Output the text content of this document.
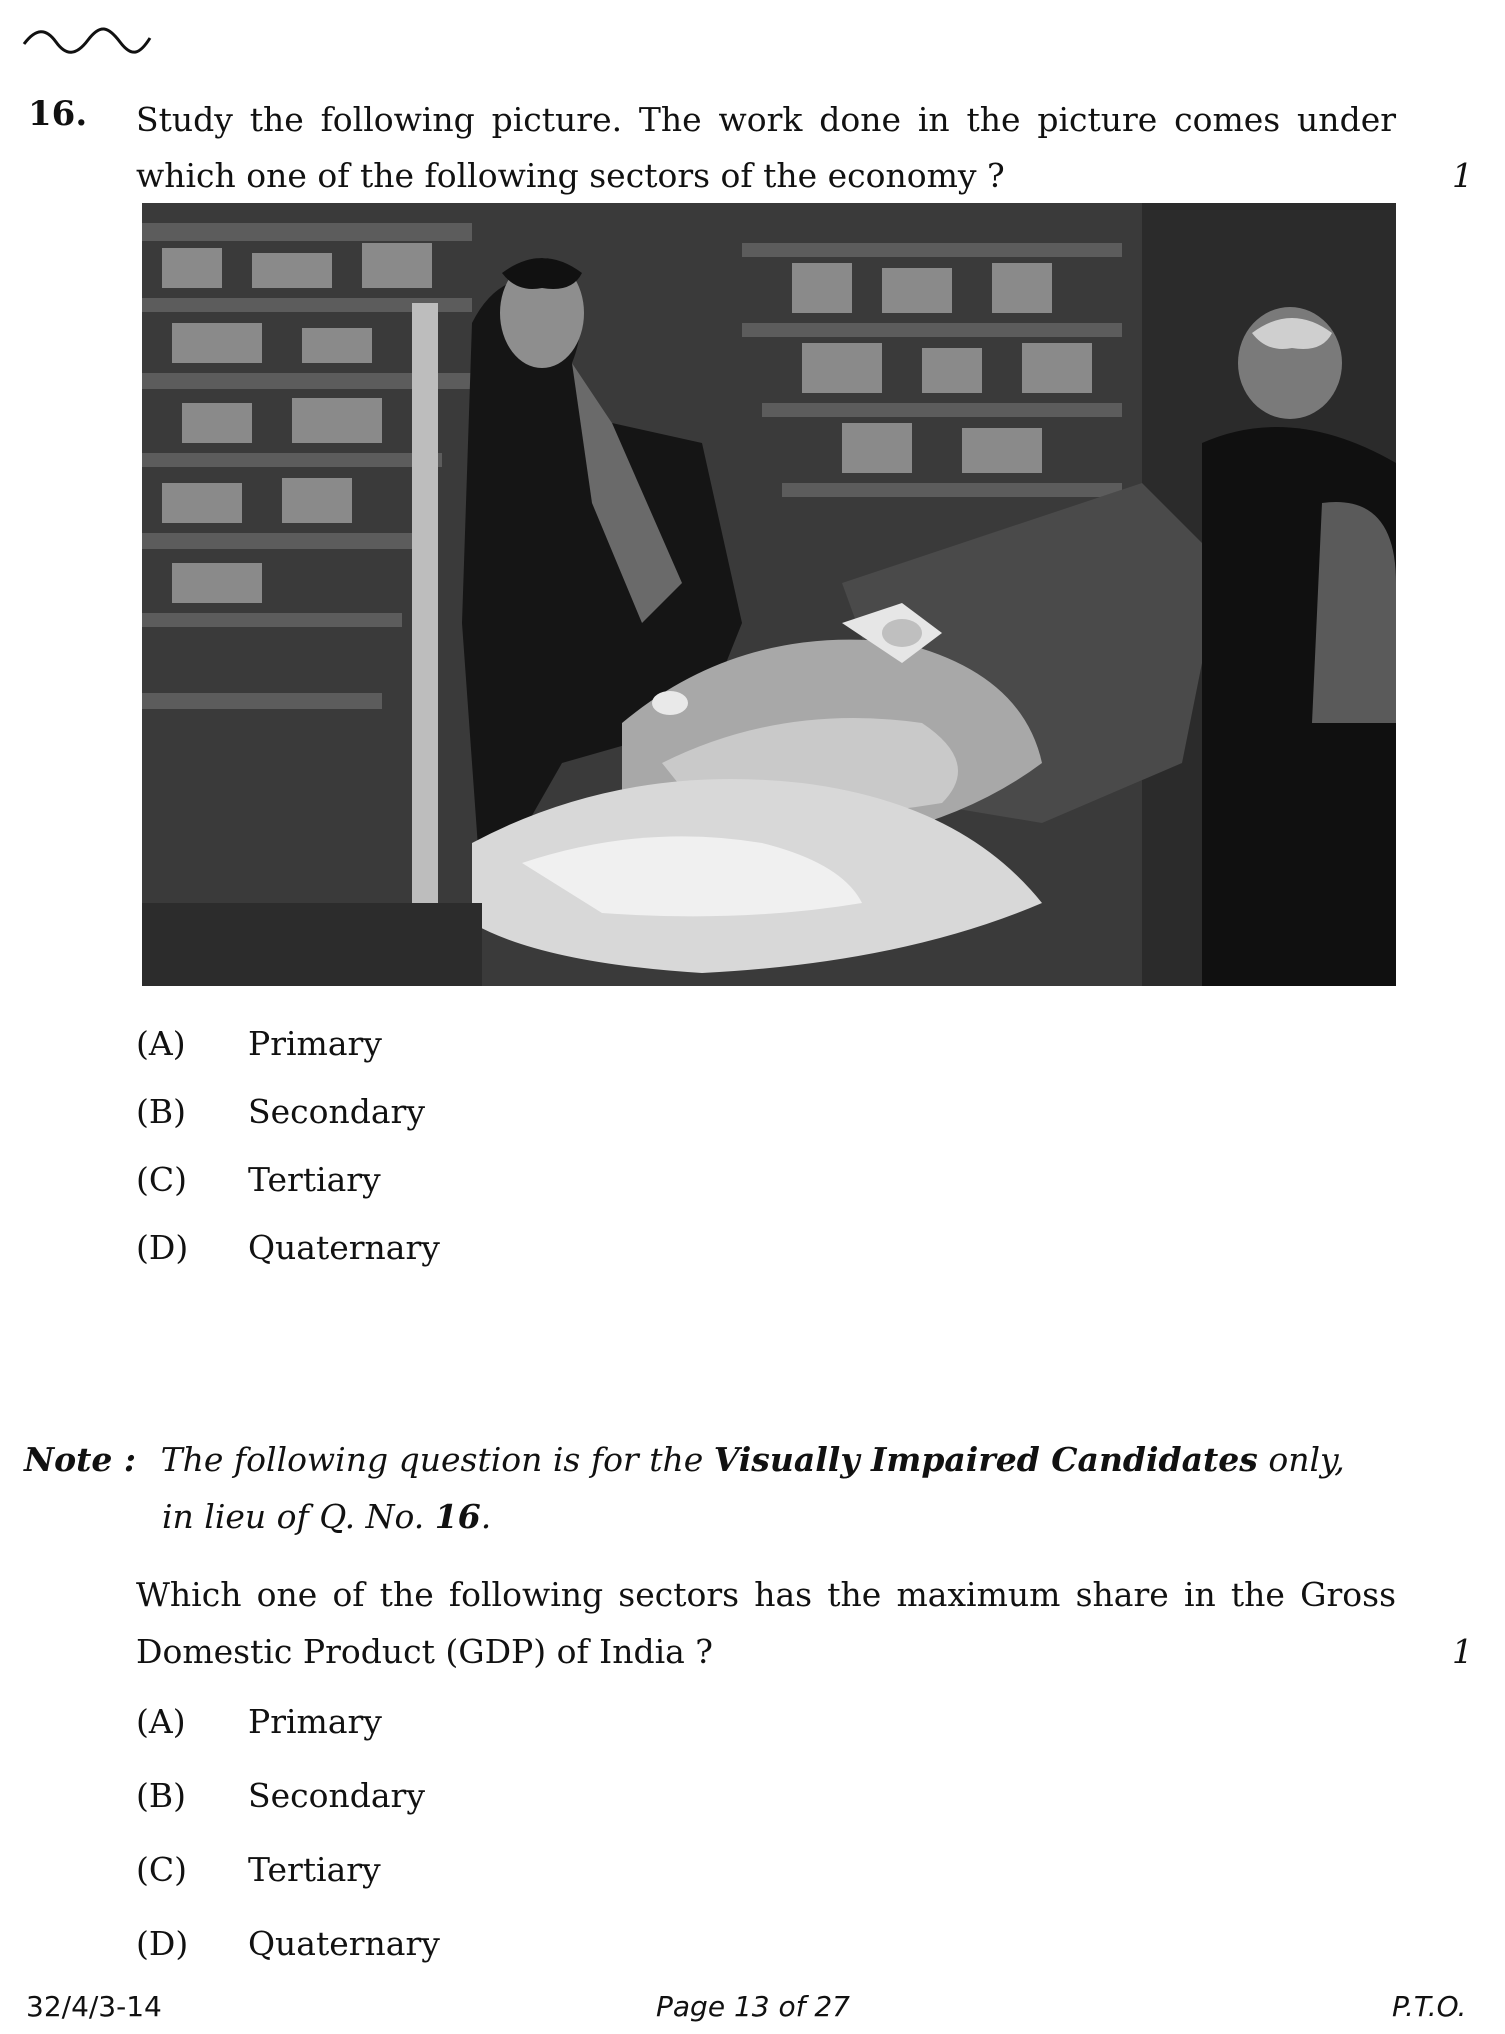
16. Study the following picture. The work done in the picture comes under
which one of the following sectors of the economy ?	1
(A) Primary
(B) Secondary
(C) Tertiary
(D) Quaternary
Note : The following question is for the Visually Impaired Candidates only,
in lieu of Q. No. 16.
Which one of the following sectors has the maximum share in the Gross
Domestic Product (GDP) of India ?	1
(A) Primary
(B) Secondary
(C) Tertiary
(D) Quaternary
32/4/3-14	Page 13 of 27	P.T.O.
